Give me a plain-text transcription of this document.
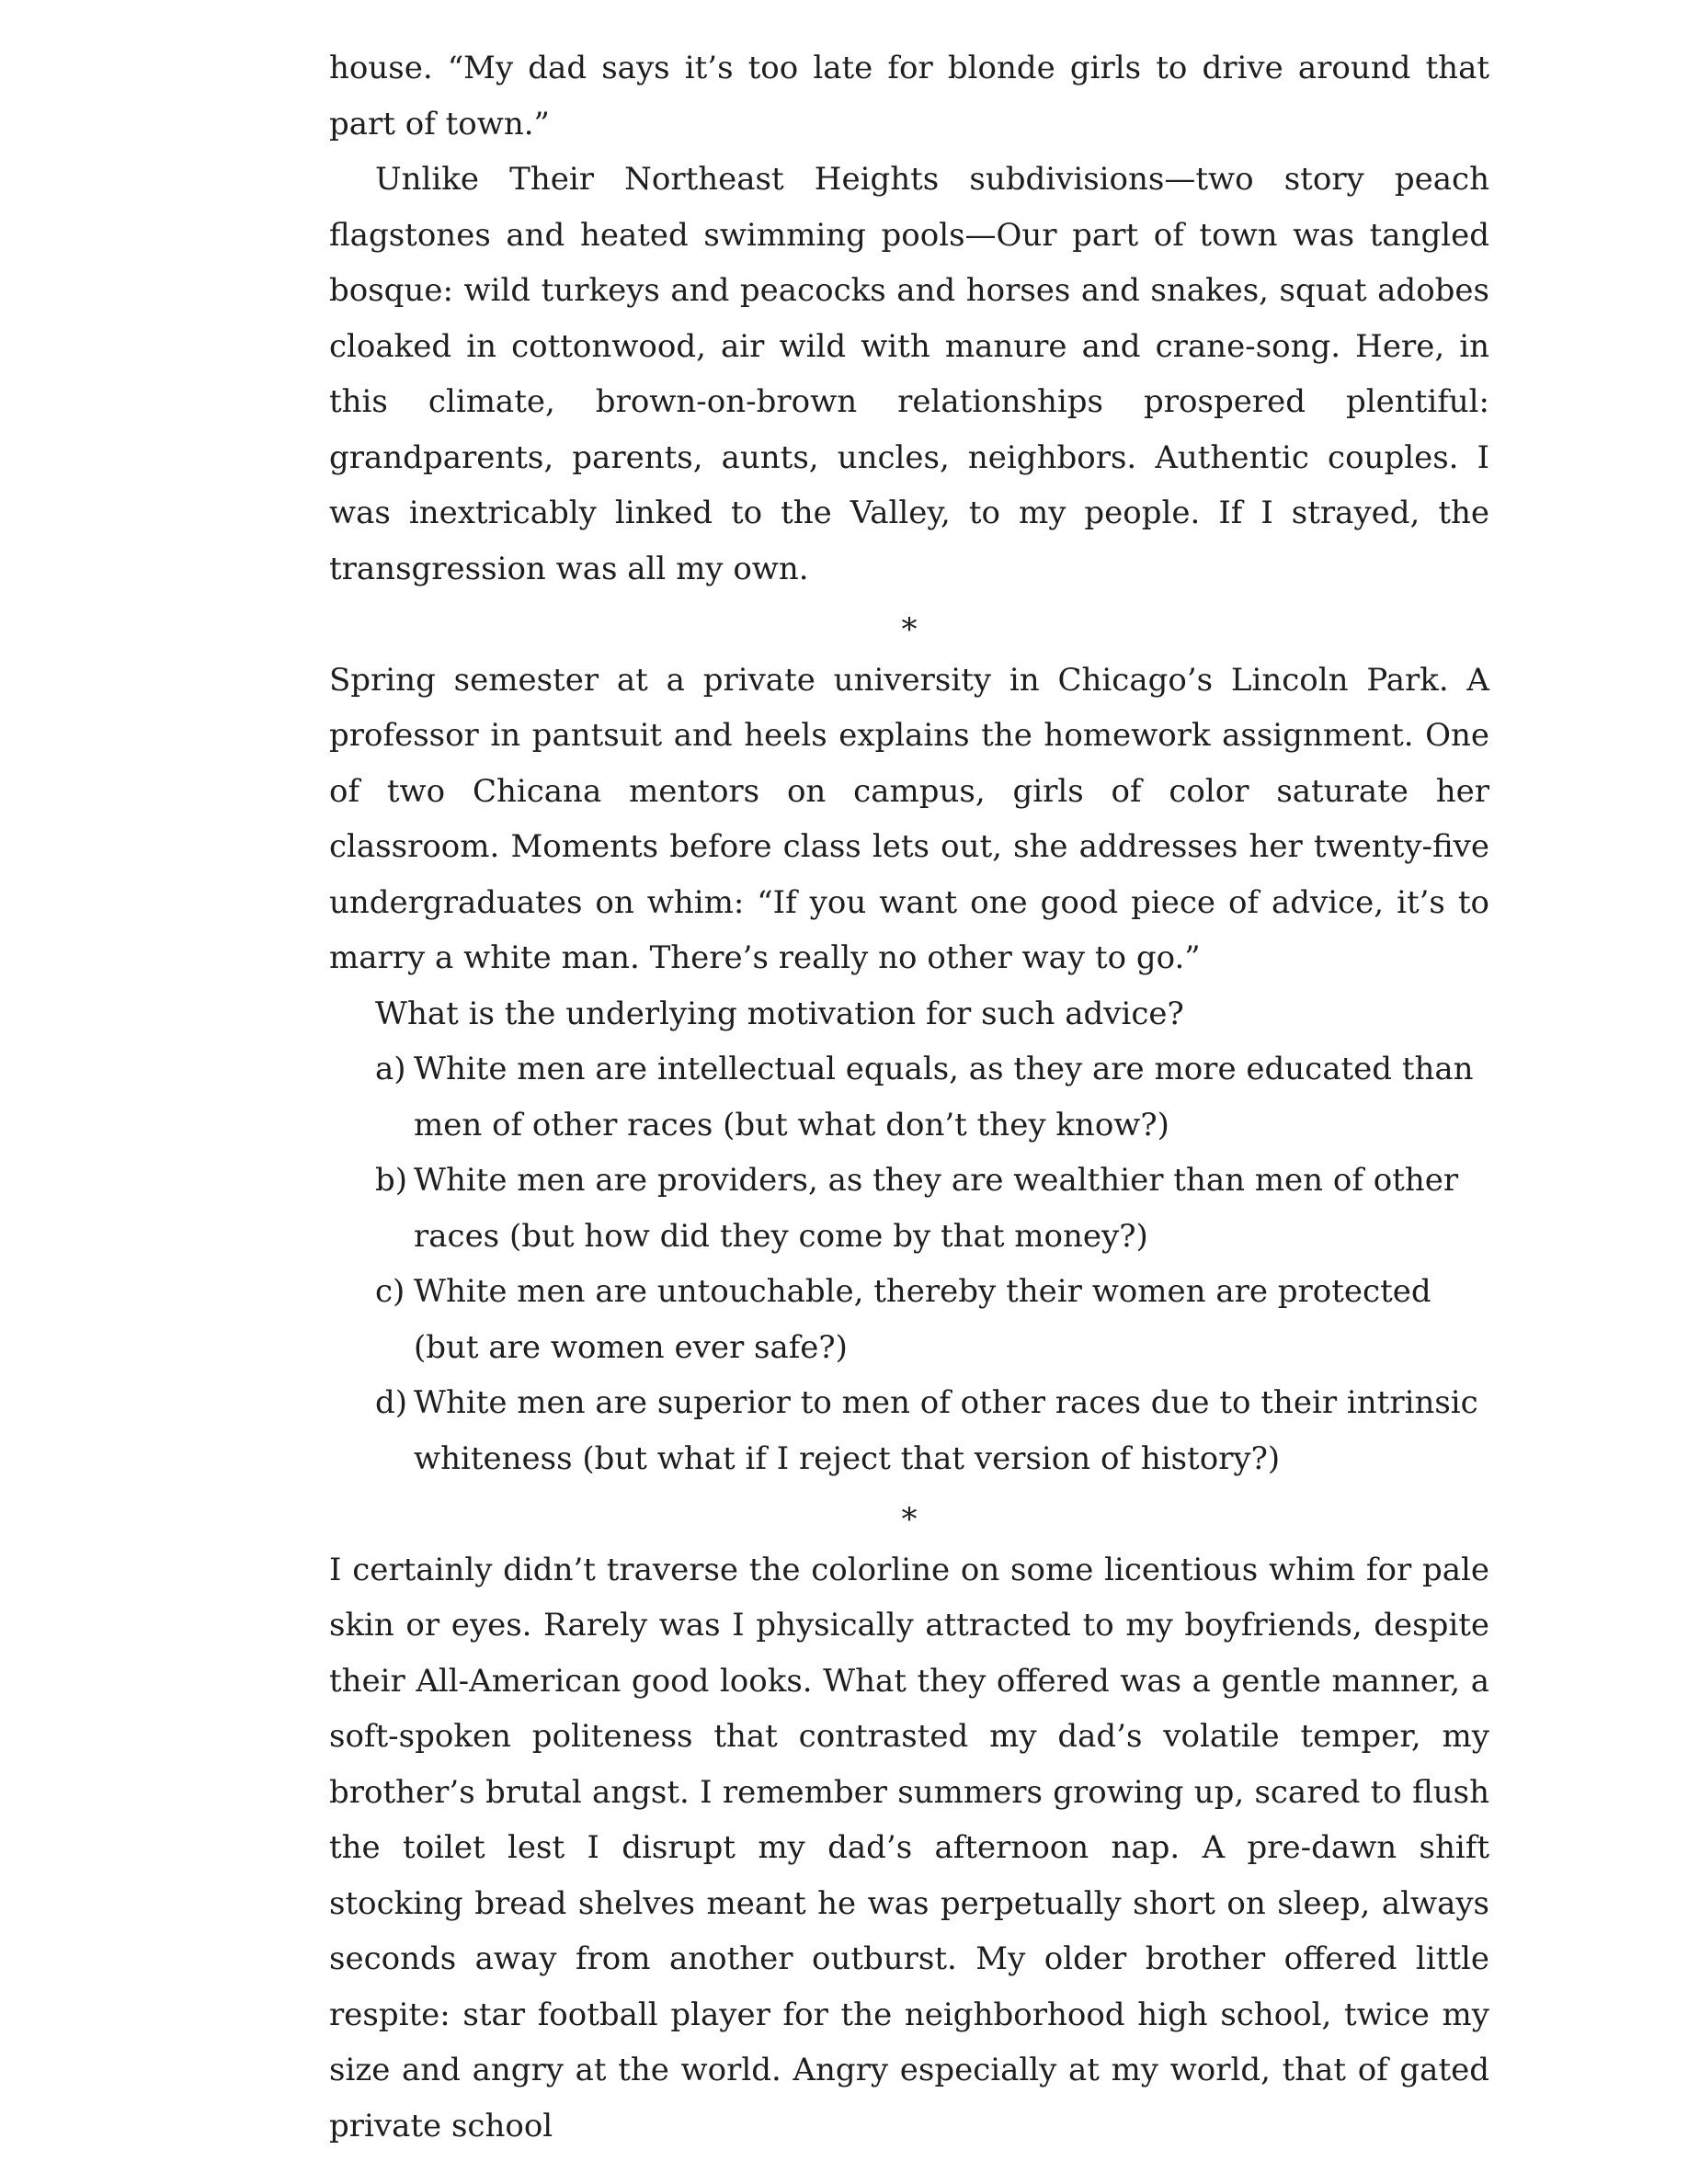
house. “My dad says it’s too late for blonde girls to drive around that part of town.”

Unlike Their Northeast Heights subdivisions—two story peach flagstones and heated swimming pools—Our part of town was tangled bosque: wild turkeys and peacocks and horses and snakes, squat adobes cloaked in cottonwood, air wild with manure and crane-song. Here, in this climate, brown-on-brown relationships prospered plentiful: grandparents, parents, aunts, uncles, neighbors. Authentic couples. I was inextricably linked to the Valley, to my people. If I strayed, the transgression was all my own.

*

Spring semester at a private university in Chicago’s Lincoln Park. A professor in pantsuit and heels explains the homework assignment. One of two Chicana mentors on campus, girls of color saturate her classroom. Moments before class lets out, she addresses her twenty-five undergraduates on whim: “If you want one good piece of advice, it’s to marry a white man. There’s really no other way to go.”

What is the underlying motivation for such advice?

a) White men are intellectual equals, as they are more educated than men of other races (but what don’t they know?)
b) White men are providers, as they are wealthier than men of other races (but how did they come by that money?)
c) White men are untouchable, thereby their women are protected (but are women ever safe?)
d) White men are superior to men of other races due to their intrinsic whiteness (but what if I reject that version of history?)

*

I certainly didn’t traverse the colorline on some licentious whim for pale skin or eyes. Rarely was I physically attracted to my boyfriends, despite their All-American good looks. What they offered was a gentle manner, a soft-spoken politeness that contrasted my dad’s volatile temper, my brother’s brutal angst. I remember summers growing up, scared to flush the toilet lest I disrupt my dad’s afternoon nap. A pre-dawn shift stocking bread shelves meant he was perpetually short on sleep, always seconds away from another outburst. My older brother offered little respite: star football player for the neighborhood high school, twice my size and angry at the world. Angry especially at my world, that of gated private school
